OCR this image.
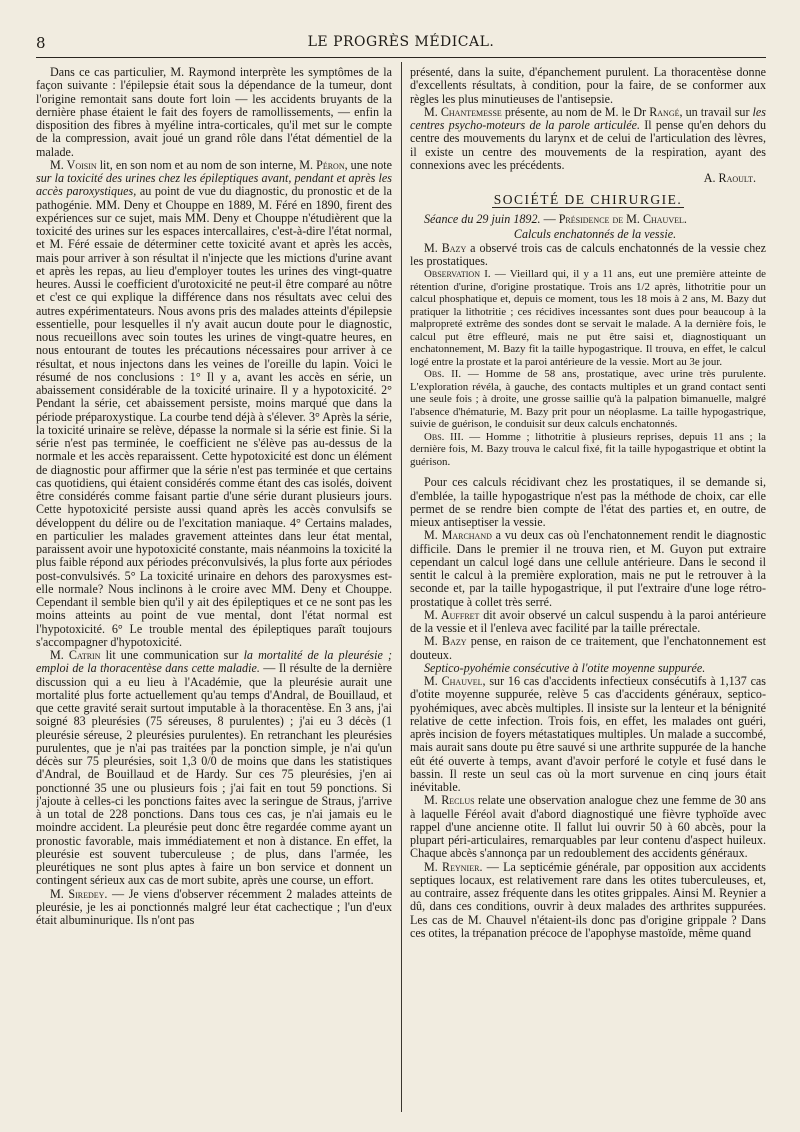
8	LE PROGRÈS MÉDICAL.

Dans ce cas particulier, M. Raymond interprète les symptômes de la façon suivante : l'épilepsie était sous la dépendance de la tumeur, dont l'origine remontait sans doute fort loin — les accidents bruyants de la dernière phase étaient le fait des foyers de ramollissements, — enfin la disposition des fibres à myéline intra-corticales, qu'il met sur le compte de la compression, avait joué un grand rôle dans l'état démentiel de la malade.

M. Voisin lit, en son nom et au nom de son interne, M. Péron, une note sur la toxicité des urines chez les épileptiques avant, pendant et après les accès paroxystiques, au point de vue du diagnostic, du pronostic et de la pathogénie. MM. Deny et Chouppe en 1889, M. Féré en 1890, firent des expériences sur ce sujet, mais MM. Deny et Chouppe n'étudièrent que la toxicité des urines sur les espaces intercallaires, c'est-à-dire l'état normal, et M. Féré essaie de déterminer cette toxicité avant et après les accès, mais pour arriver à son résultat il n'injecte que les mictions d'urine avant et après les repas, au lieu d'employer toutes les urines des vingt-quatre heures. Aussi le coefficient d'urotoxicité ne peut-il être comparé au nôtre et c'est ce qui explique la différence dans nos résultats avec celui des autres expérimentateurs. Nous avons pris des malades atteints d'épilepsie essentielle, pour lesquelles il n'y avait aucun doute pour le diagnostic, nous recueillons avec soin toutes les urines de vingt-quatre heures, en nous entourant de toutes les précautions nécessaires pour arriver à ce résultat, et nous injectons dans les veines de l'oreille du lapin. Voici le résumé de nos conclusions : 1° Il y a, avant les accès en série, un abaissement considérable de la toxicité urinaire. Il y a hypotoxicité. 2° Pendant la série, cet abaissement persiste, moins marqué que dans la période préparoxystique. La courbe tend déjà à s'élever. 3° Après la série, la toxicité urinaire se relève, dépasse la normale si la série est finie. Si la série n'est pas terminée, le coefficient ne s'élève pas au-dessus de la normale et les accès reparaissent. Cette hypotoxicité est donc un élément de diagnostic pour affirmer que la série n'est pas terminée et que certains cas quotidiens, qui étaient considérés comme étant des cas isolés, doivent être considérés comme faisant partie d'une série durant plusieurs jours. Cette hypotoxicité persiste aussi quand après les accès convulsifs se développent du délire ou de l'excitation maniaque. 4° Certains malades, en particulier les malades gravement atteintes dans leur état mental, paraissent avoir une hypotoxicité constante, mais néanmoins la toxicité la plus faible répond aux périodes préconvulsivés, la plus forte aux périodes post-convulsivés. 5° La toxicité urinaire en dehors des paroxysmes est-elle normale? Nous inclinons à le croire avec MM. Deny et Chouppe. Cependant il semble bien qu'il y ait des épileptiques et ce ne sont pas les moins atteints au point de vue mental, dont l'état normal est l'hypotoxicité. 6° Le trouble mental des épileptiques paraît toujours s'accompagner d'hypotoxicité.

M. Catrin lit une communication sur la mortalité de la pleurésie ; emploi de la thoracentèse dans cette maladie. — Il résulte de la dernière discussion qui a eu lieu à l'Académie, que la pleurésie aurait une mortalité plus forte actuellement qu'au temps d'Andral, de Bouillaud, et que cette gravité serait surtout imputable à la thoracentèse. En 3 ans, j'ai soigné 83 pleurésies (75 séreuses, 8 purulentes) ; j'ai eu 3 décès (1 pleurésie séreuse, 2 pleurésies purulentes). En retranchant les pleurésies purulentes, que je n'ai pas traitées par la ponction simple, je n'ai qu'un décès sur 75 pleurésies, soit 1,3 0/0 de moins que dans les statistiques d'Andral, de Bouillaud et de Hardy. Sur ces 75 pleurésies, j'en ai ponctionné 35 une ou plusieurs fois ; j'ai fait en tout 59 ponctions. Si j'ajoute à celles-ci les ponctions faites avec la seringue de Straus, j'arrive à un total de 228 ponctions. Dans tous ces cas, je n'ai jamais eu le moindre accident. La pleurésie peut donc être regardée comme ayant un pronostic favorable, mais immédiatement et non à distance. En effet, la pleurésie est souvent tuberculeuse ; de plus, dans l'armée, les pleurétiques ne sont plus aptes à faire un bon service et donnent un contingent sérieux aux cas de mort subite, après une course, un effort.

M. Siredey. — Je viens d'observer récemment 2 malades atteints de pleurésie, je les ai ponctionnés malgré leur état cachectique ; l'un d'eux était albuminurique. Ils n'ont pas

présenté, dans la suite, d'épanchement purulent. La thoracentèse donne d'excellents résultats, à condition, pour la faire, de se conformer aux règles les plus minutieuses de l'antisepsie.

M. Chantemesse présente, au nom de M. le Dr Rangé, un travail sur les centres psycho-moteurs de la parole articulée. Il pense qu'en dehors du centre des mouvements du larynx et de celui de l'articulation des lèvres, il existe un centre des mouvements de la respiration, ayant des connexions avec les précédents.

A. Raoult.

SOCIÉTÉ DE CHIRURGIE.

Séance du 29 juin 1892. — Présidence de M. Chauvel.

Calculs enchatonnés de la vessie.

M. Bazy a observé trois cas de calculs enchatonnés de la vessie chez les prostatiques.

Observation I. — Vieillard qui, il y a 11 ans, eut une première atteinte de rétention d'urine, d'origine prostatique. Trois ans 1/2 après, lithotritie pour un calcul phosphatique et, depuis ce moment, tous les 18 mois à 2 ans, M. Bazy dut pratiquer la lithotritie ; ces récidives incessantes sont dues pour beaucoup à la malpropreté extrême des sondes dont se servait le malade. A la dernière fois, le calcul put être effleuré, mais ne put être saisi et, diagnostiquant un enchatonnement, M. Bazy fit la taille hypogastrique. Il trouva, en effet, le calcul logé entre la prostate et la paroi antérieure de la vessie. Mort au 3e jour.

Obs. II. — Homme de 58 ans, prostatique, avec urine très purulente. L'exploration révéla, à gauche, des contacts multiples et un grand contact senti une seule fois ; à droite, une grosse saillie qu'à la palpation bimanuelle, malgré l'absence d'hématurie, M. Bazy prit pour un néoplasme. La taille hypogastrique, suivie de guérison, le conduisit sur deux calculs enchatonnés.

Obs. III. — Homme ; lithotritie à plusieurs reprises, depuis 11 ans ; la dernière fois, M. Bazy trouva le calcul fixé, fit la taille hypogastrique et obtint la guérison.

Pour ces calculs récidivant chez les prostatiques, il se demande si, d'emblée, la taille hypogastrique n'est pas la méthode de choix, car elle permet de se rendre bien compte de l'état des parties et, en outre, de mieux antiseptiser la vessie.

M. Marchand a vu deux cas où l'enchatonnement rendit le diagnostic difficile. Dans le premier il ne trouva rien, et M. Guyon put extraire cependant un calcul logé dans une cellule antérieure. Dans le second il sentit le calcul à la première exploration, mais ne put le retrouver à la seconde et, par la taille hypogastrique, il put l'extraire d'une loge rétro-prostatique à collet très serré.

M. Auffret dit avoir observé un calcul suspendu à la paroi antérieure de la vessie et il l'enleva avec facilité par la taille prérectale.

M. Bazy pense, en raison de ce traitement, que l'enchatonnement est douteux.

Septico-pyohémie consécutive à l'otite moyenne suppurée.

M. Chauvel, sur 16 cas d'accidents infectieux consécutifs à 1,137 cas d'otite moyenne suppurée, relève 5 cas d'accidents généraux, septico-pyohémiques, avec abcès multiples. Il insiste sur la lenteur et la bénignité relative de cette infection. Trois fois, en effet, les malades ont guéri, après incision de foyers métastatiques multiples. Un malade a succombé, mais aurait sans doute pu être sauvé si une arthrite suppurée de la hanche eût été ouverte à temps, avant d'avoir perforé le cotyle et fusé dans le bassin. Il reste un seul cas où la mort survenue en cinq jours était inévitable.

M. Reclus relate une observation analogue chez une femme de 30 ans à laquelle Féréol avait d'abord diagnostiqué une fièvre typhoïde avec rappel d'une ancienne otite. Il fallut lui ouvrir 50 à 60 abcès, pour la plupart péri-articulaires, remarquables par leur contenu d'aspect huileux. Chaque abcès s'annonça par un redoublement des accidents généraux.

M. Reynier. — La septicémie générale, par opposition aux accidents septiques locaux, est relativement rare dans les otites tuberculeuses, et, au contraire, assez fréquente dans les otites grippales. Ainsi M. Reynier a dû, dans ces conditions, ouvrir à deux malades des arthrites suppurées. Les cas de M. Chauvel n'étaient-ils donc pas d'origine grippale ? Dans ces otites, la trépanation précoce de l'apophyse mastoïde, même quand
